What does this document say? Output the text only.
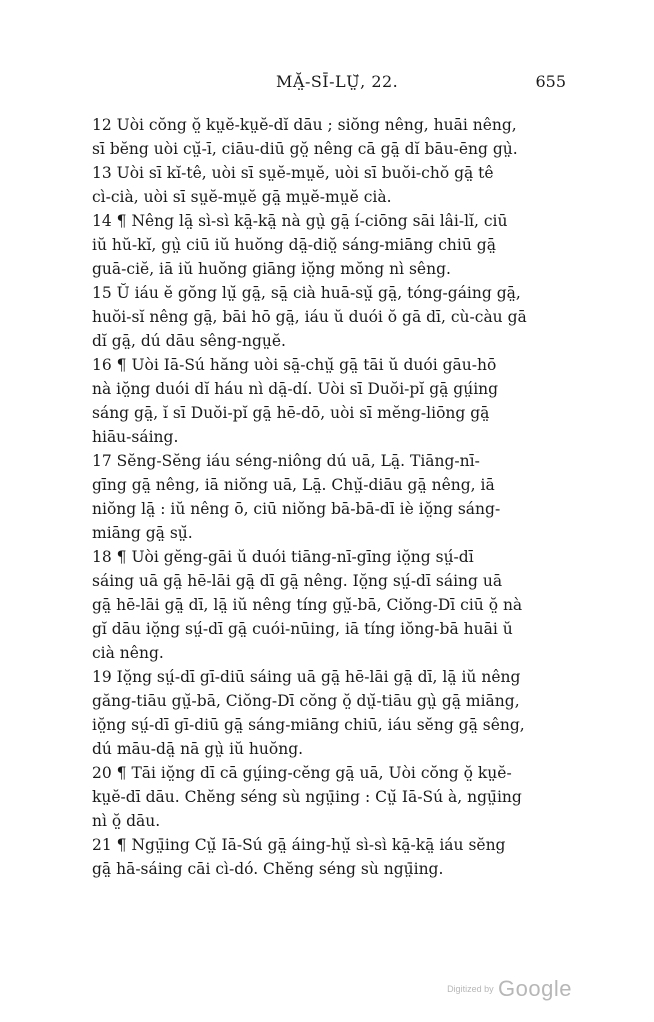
MĂ̤-SĪ-LṲ̆, 22.	655

12 Uòi cŏng ŏ̤ kṳĕ-kṳĕ-dĭ dāu ; siŏng nêng, huāi nêng,
sī bĕng uòi cṳ̆-ī, ciāu-diū gŏ̤ nêng cā gā̤ dĭ bāu-ēng gṳ̀.

13 Uòi sī kĭ-tê, uòi sī sṳĕ-mṳĕ, uòi sī buŏi-chŏ gā̤ tê
cì-cià, uòi sī sṳĕ-mṳĕ gā̤ mṳĕ-mṳĕ cià.

14 ¶ Nêng lā̤ sì-sì kā̤-kā̤ nà gṳ̀ gā̤ í-ciōng sāi lâi-lĭ, ciū
iŭ hŭ-kĭ, gṳ̀ ciū iŭ huŏng dā̤-diŏ̤ sáng-miāng chiū gā̤
guā-ciĕ, iā iŭ huŏng giāng iŏ̤ng mŏng nì sêng.

15 Ŭ iáu ĕ gŏng lṳ̆ gā̤, sā̤ cià huā-sṳ̆ gā̤, tóng-gáing gā̤,
huŏi-sĭ nêng gā̤, bāi hō gā̤, iáu ŭ duói ŏ gā dī, cù-càu gā
dĭ gā̤, dú dāu sêng-ngṳĕ.

16 ¶ Uòi Iā-Sú hăng uòi sā̤-chṳ̆ gā̤ tāi ŭ duói gāu-hō
nà iŏ̤ng duói dĭ háu nì dā̤-dí. Uòi sī Duŏi-pĭ gā̤ gṳ́ing
sáng gā̤, ĭ sī Duŏi-pĭ gā̤ hē-dō, uòi sī mĕng-liōng gā̤
hiāu-sáing.

17 Sĕng-Sĕng iáu séng-niông dú uā, Lā̤. Tiāng-nī-
gīng gā̤ nêng, iā niŏng uā, Lā̤. Chṳ̆-diāu gā̤ nêng, iā
niŏng lā̤ : iŭ nêng ō, ciū niŏng bā-bā-dī iè iŏ̤ng sáng-
miāng gā̤ sṳ̆.

18 ¶ Uòi gĕng-gāi ŭ duói tiāng-nī-gīng iŏ̤ng sṳ́-dī
sáing uā gā̤ hē-lāi gā̤ dī gā̤ nêng. Iŏ̤ng sṳ́-dī sáing uā
gā̤ hē-lāi gā̤ dī, lā̤ iŭ nêng tíng gṳ̆-bā, Ciŏng-Dī ciū ŏ̤ nà
gĭ dāu iŏ̤ng sṳ́-dī gā̤ cuói-nūing, iā tíng iŏng-bā huāi ŭ
cià nêng.

19 Iŏ̤ng sṳ́-dī gī-diū sáing uā gā̤ hē-lāi gā̤ dī, lā̤ iŭ nêng
găng-tiāu gṳ̆-bā, Ciŏng-Dī cŏng ŏ̤ dṳ̆-tiāu gṳ̀ gā̤ miāng,
iŏ̤ng sṳ́-dī gī-diū gā̤ sáng-miāng chiū, iáu sĕng gā̤ sêng,
dú māu-dā̤ nā gṳ̀ iŭ huŏng.

20 ¶ Tāi iŏ̤ng dī cā gṳ́ing-cĕng gā̤ uā, Uòi cŏng ŏ̤ kṳĕ-
kṳĕ-dī dāu. Chĕng séng sù ngṳ̄ing : Cṳ̆ Iā-Sú à, ngṳ̄ing
nì ŏ̤ dāu.

21 ¶ Ngṳ̄ing Cṳ̆ Iā-Sú gā̤ áing-hṳ̆ sì-sì kā̤-kā̤ iáu sĕng
gā̤ hā-sáing cāi cì-dó. Chĕng séng sù ngṳ̄ing.

Digitized by Google
